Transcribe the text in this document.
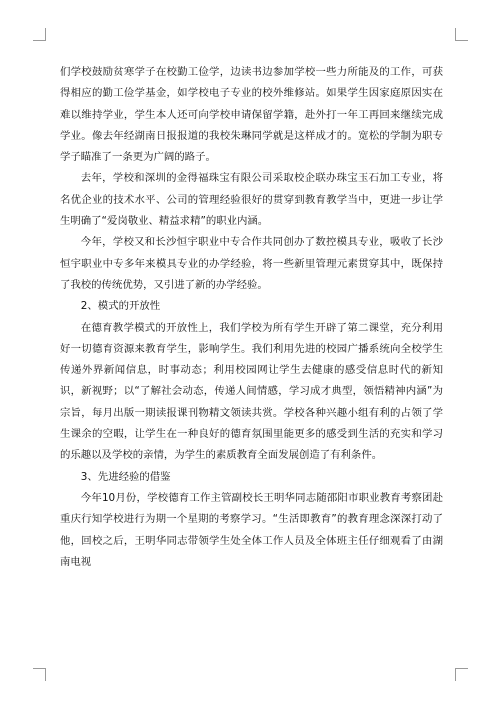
们学校鼓励贫寒学子在校勤工俭学，边读书边参加学校一些力所能及的工作，可获得相应的勤工俭学基金，如学校电子专业的校外维修站。如果学生因家庭原因实在难以维持学业，学生本人还可向学校申请保留学籍，赴外打一年工再回来继续完成学业。像去年经湖南日报报道的我校朱琳同学就是这样成才的。宽松的学制为职专学子瞄准了一条更为广阔的路子。

去年，学校和深圳的金得福珠宝有限公司采取校企联办珠宝玉石加工专业，将名优企业的技术水平、公司的管理经验很好的贯穿到教育教学当中，更进一步让学生明确了“爱岗敬业、精益求精”的职业内涵。

今年，学校又和长沙恒宇职业中专合作共同创办了数控模具专业，吸收了长沙恒宇职业中专多年来模具专业的办学经验，将一些新里管理元素贯穿其中，既保持了我校的传统优势，又引进了新的办学经验。

2、模式的开放性

在德育教学模式的开放性上，我们学校为所有学生开辟了第二课堂，充分利用好一切德育资源来教育学生，影响学生。我们利用先进的校园广播系统向全校学生传递外界新闻信息，时事动态；利用校园网让学生去健康的感受信息时代的新知识，新视野；以“了解社会动态，传递人间情感，学习成才典型，领悟精神内涵”为宗旨，每月出版一期读报课刊物精文领读共赏。学校各种兴趣小组有利的占领了学生课余的空暇，让学生在一种良好的德育氛围里能更多的感受到生活的充实和学习的乐趣以及学校的亲情，为学生的素质教育全面发展创造了有利条件。

3、先进经验的借鉴

今年10月份，学校德育工作主管副校长王明华同志随邵阳市职业教育考察团赴重庆行知学校进行为期一个星期的考察学习。“生活即教育”的教育理念深深打动了他，回校之后，王明华同志带领学生处全体工作人员及全体班主任仔细观看了由湖南电视
